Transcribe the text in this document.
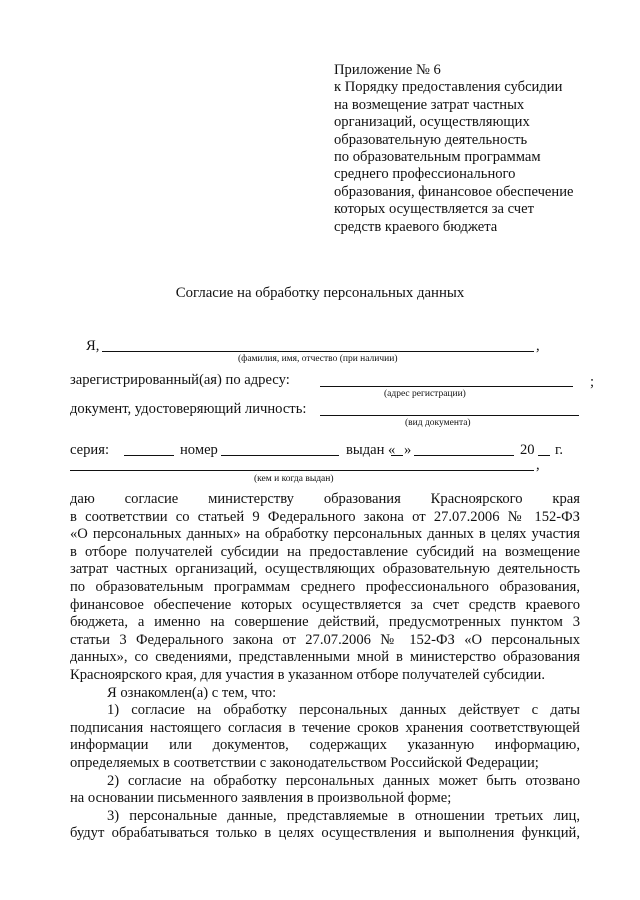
Приложение № 6
к Порядку предоставления субсидии
на возмещение затрат частных
организаций, осуществляющих
образовательную деятельность
по образовательным программам
среднего профессионального
образования, финансовое обеспечение
которых осуществляется за счет
средств краевого бюджета
Согласие на обработку персональных данных
Я,	,
(фамилия, имя, отчество (при наличии)
зарегистрированный(ая) по адресу:	;
(адрес регистрации)
документ, удостоверяющий личность:
(вид документа)
серия:	номер	выдан « »	20 г.
,
(кем и когда выдан)

даю согласие министерству образования Красноярского края

в соответствии со статьей 9 Федерального закона от 27.07.2006 № 152-ФЗ

«О персональных данных» на обработку персональных данных в целях участия

в отборе получателей субсидии на предоставление субсидий на возмещение

затрат частных организаций, осуществляющих образовательную деятельность

по образовательным программам среднего профессионального образования,

финансовое обеспечение которых осуществляется за счет средств краевого

бюджета, а именно на совершение действий, предусмотренных пунктом 3

статьи 3 Федерального закона от 27.07.2006 № 152-ФЗ «О персональных

данных», со сведениями, представленными мной в министерство образования

Красноярского края, для участия в указанном отборе получателей субсидии.

Я ознакомлен(а) с тем, что:

1) согласие на обработку персональных данных действует с даты

подписания настоящего согласия в течение сроков хранения соответствующей

информации или документов, содержащих указанную информацию,

определяемых в соответствии с законодательством Российской Федерации;

2) согласие на обработку персональных данных может быть отозвано

на основании письменного заявления в произвольной форме;

3) персональные данные, представляемые в отношении третьих лиц,

будут обрабатываться только в целях осуществления и выполнения функций,
